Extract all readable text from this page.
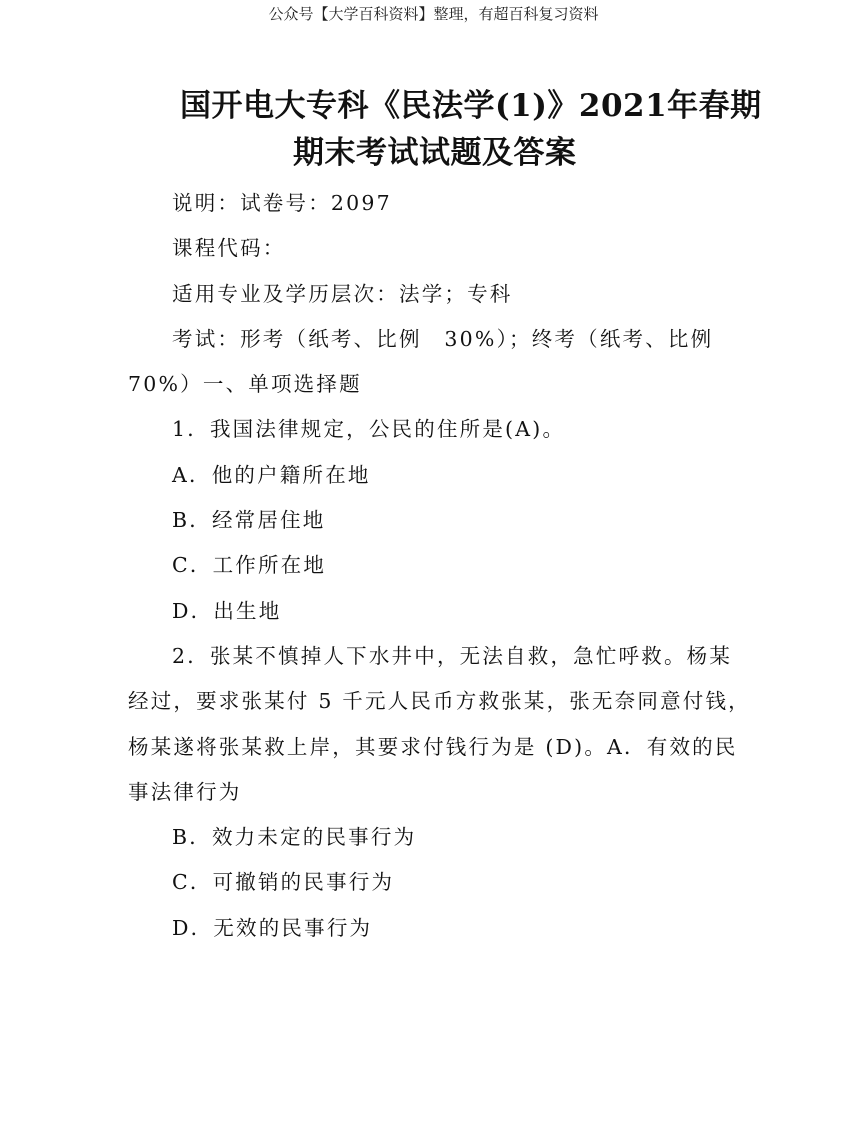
公众号【大学百科资料】整理，有超百科复习资料
国开电大专科《民法学(1)》2021年春期
期末考试试题及答案
说明：试卷号：2097
课程代码：
适用专业及学历层次：法学；专科
考试：形考（纸考、比例　30%）；终考（纸考、比例
70%）一、单项选择题
1．我国法律规定，公民的住所是(A)。
A．他的户籍所在地
B．经常居住地
C．工作所在地
D．出生地
2．张某不慎掉人下水井中，无法自救，急忙呼救。杨某
经过，要求张某付 5 千元人民币方救张某，张无奈同意付钱，
杨某遂将张某救上岸，其要求付钱行为是 (D)。A．有效的民
事法律行为
B．效力未定的民事行为
C．可撤销的民事行为
D．无效的民事行为
